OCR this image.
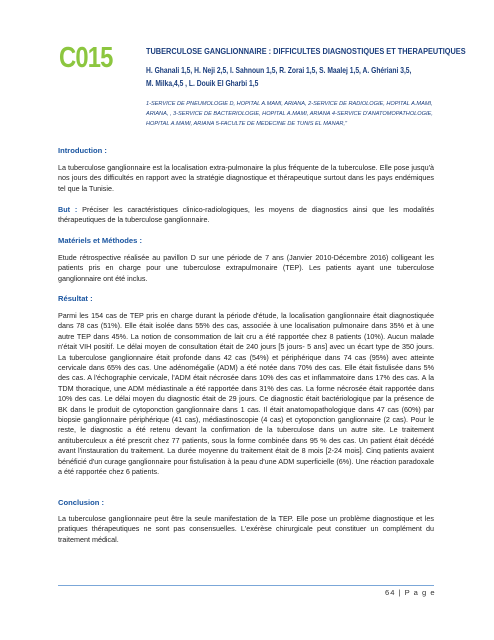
C015	TUBERCULOSE GANGLIONNAIRE : DIFFICULTES DIAGNOSTIQUES ET THERAPEUTIQUES
H. Ghanali 1,5, H. Neji 2,5, I. Sahnoun 1,5, R. Zorai 1,5, S. Maalej 1,5, A. Ghériani 3,5, M. Milka,4,5 , L. Douik El Gharbi 1,5
1-SERVICE DE PNEUMOLOGIE D, HOPITAL A.MAMI, ARIANA, 2-SERVICE DE RADIOLOGIE, HOPITAL A.MAMI, ARIANA, , 3-SERVICE DE BACTERIOLOGIE, HOPITAL A.MAMI, ARIANA 4-SERVICE D'ANATOMOPATHOLOGIE, HOPITAL A.MAMI, ARIANA 5-FACULTE DE MEDECINE DE TUNIS EL MANAR,"
Introduction :
La tuberculose ganglionnaire est la localisation extra-pulmonaire la plus fréquente de la tuberculose. Elle pose jusqu'à nos jours des difficultés en rapport avec la stratégie diagnostique et thérapeutique surtout dans les pays endémiques tel que la Tunisie.
But : Préciser les caractéristiques clinico-radiologiques, les moyens de diagnostics ainsi que les modalités thérapeutiques de la tuberculose ganglionnaire.
Matériels et Méthodes :
Etude rétrospective réalisée au pavillon D sur une période de 7 ans (Janvier 2010-Décembre 2016) colligeant les patients pris en charge pour une tuberculose extrapulmonaire (TEP). Les patients ayant une tuberculose ganglionnaire ont été inclus.
Résultat :
Parmi les 154 cas de TEP pris en charge durant la période d'étude, la localisation ganglionnaire était diagnostiquée dans 78 cas (51%). Elle était isolée dans 55% des cas, associée à une localisation pulmonaire dans 35% et à une autre TEP dans 45%. La notion de consommation de lait cru a été rapportée chez 8 patients (10%). Aucun malade n'était VIH positif. Le délai moyen de consultation était de 240 jours [5 jours- 5 ans] avec un écart type de 350 jours. La tuberculose ganglionnaire était profonde dans 42 cas (54%) et périphérique dans 74 cas (95%) avec atteinte cervicale dans 65% des cas. Une adénomégalie (ADM) a été notée dans 70% des cas. Elle était fistulisée dans 5% des cas. A l'échographie cervicale, l'ADM était nécrosée dans 10% des cas et inflammatoire dans 17% des cas. A la TDM thoracique, une ADM médiastinale a été rapportée dans 31% des cas. La forme nécrosée était rapportée dans 10% des cas. Le délai moyen du diagnostic était de 29 jours. Ce diagnostic était bactériologique par la présence de BK dans le produit de cytoponction ganglionnaire dans 1 cas. Il était anatomopathologique dans 47 cas (60%) par biopsie ganglionnaire périphérique (41 cas), médiastinoscopie (4 cas) et cytoponction ganglionnaire (2 cas). Pour le reste, le diagnostic a été retenu devant la confirmation de la tuberculose dans un autre site. Le traitement antituberculeux a été prescrit chez 77 patients, sous la forme combinée dans 95 % des cas. Un patient était décédé avant l'instauration du traitement. La durée moyenne du traitement était de 8 mois [2-24 mois]. Cinq patients avaient bénéficié d'un curage ganglionnaire pour fistulisation à la peau d'une ADM superficielle (6%). Une réaction paradoxale a été rapportée chez 6 patients.
Conclusion :
La tuberculose ganglionnaire peut être la seule manifestation de la TEP. Elle pose un problème diagnostique et les pratiques thérapeutiques ne sont pas consensuelles. L'exérèse chirurgicale peut constituer un complément du traitement médical.
64 | P a g e
